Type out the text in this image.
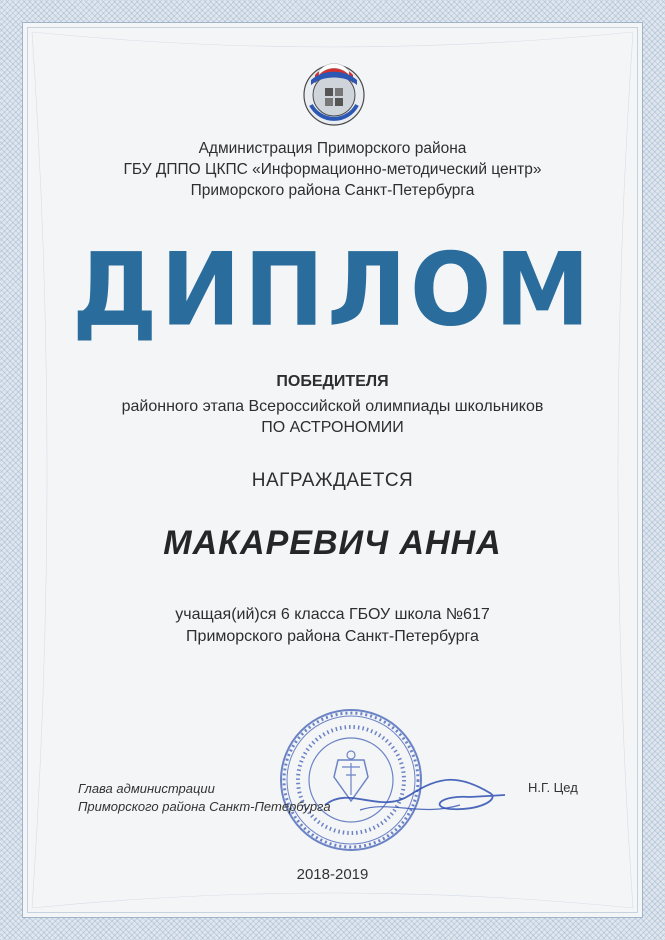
Администрация Приморского района
ГБУ ДППО ЦКПС «Информационно-методический центр»
Приморского района Санкт-Петербурга
ДИПЛОМ
ПОБЕДИТЕЛЯ
районного этапа Всероссийской олимпиады школьников
ПО АСТРОНОМИИ
НАГРАЖДАЕТСЯ
МАКАРЕВИЧ АННА
учащая(ий)ся 6 класса ГБОУ школа №617
Приморского района Санкт-Петербурга
Глава администрации
Приморского района Санкт-Петербурга
Н.Г. Цед
2018-2019
